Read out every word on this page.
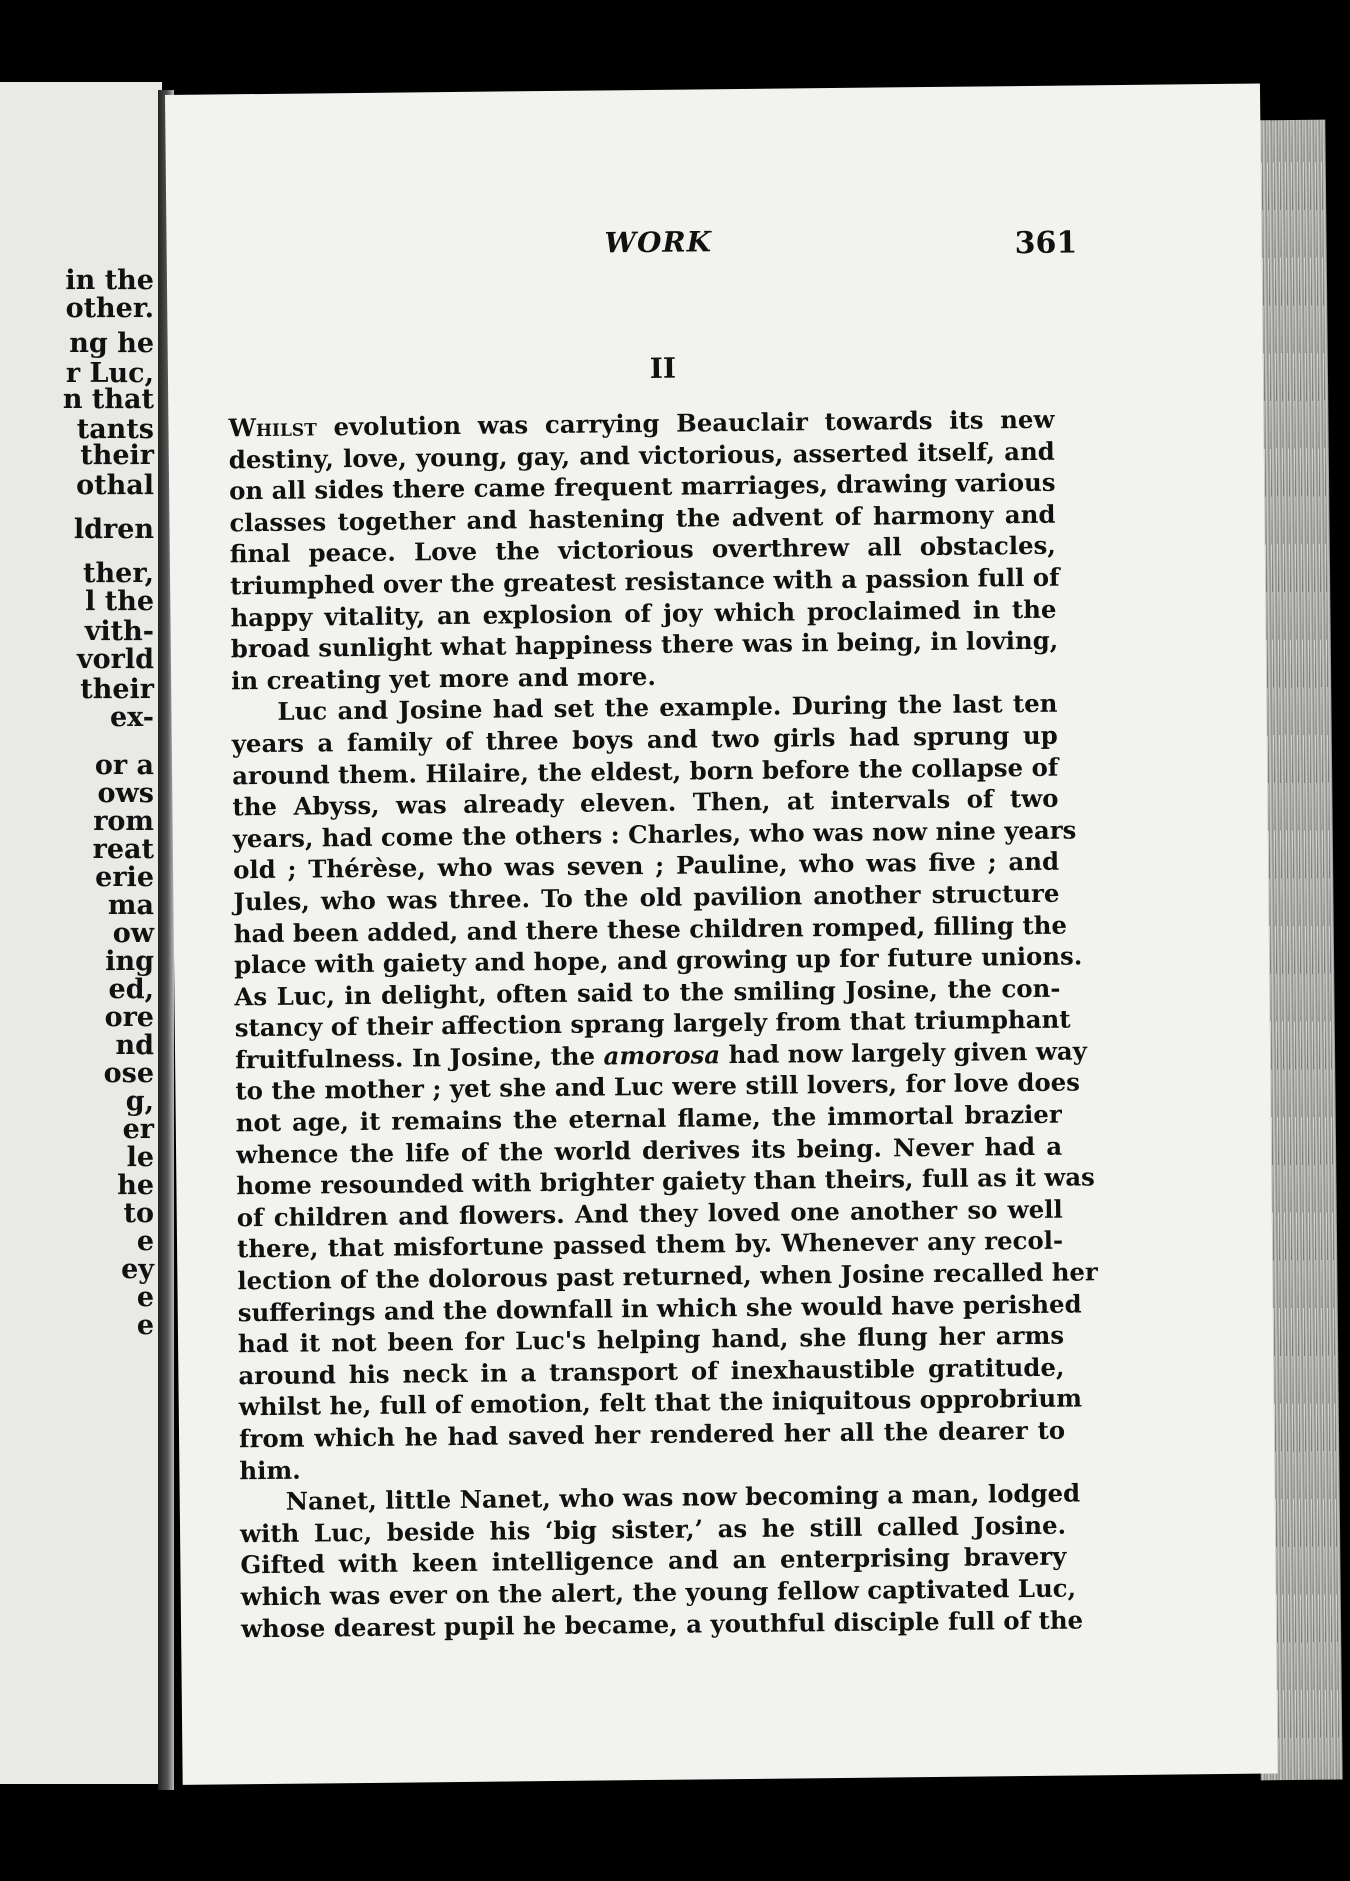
in the
other.
ng he
r Luc,
n that
tants
their
othal
ldren
ther,
l the
vith-
vorld
their
ex-
or a
ows
rom
reat
erie
ma
ow
ing
ed,
ore
nd
ose
g,
er
le
he
to
e
ey
e
e
WORK	361
II
Whilst evolution was carrying Beauclair towards its new
destiny, love, young, gay, and victorious, asserted itself, and
on all sides there came frequent marriages, drawing various
classes together and hastening the advent of harmony and
final peace. Love the victorious overthrew all obstacles,
triumphed over the greatest resistance with a passion full of
happy vitality, an explosion of joy which proclaimed in the
broad sunlight what happiness there was in being, in loving,
in creating yet more and more.
Luc and Josine had set the example. During the last ten
years a family of three boys and two girls had sprung up
around them. Hilaire, the eldest, born before the collapse of
the Abyss, was already eleven. Then, at intervals of two
years, had come the others : Charles, who was now nine years
old ; Thérèse, who was seven ; Pauline, who was five ; and
Jules, who was three. To the old pavilion another structure
had been added, and there these children romped, filling the
place with gaiety and hope, and growing up for future unions.
As Luc, in delight, often said to the smiling Josine, the con-
stancy of their affection sprang largely from that triumphant
fruitfulness. In Josine, the amorosa had now largely given way
to the mother ; yet she and Luc were still lovers, for love does
not age, it remains the eternal flame, the immortal brazier
whence the life of the world derives its being. Never had a
home resounded with brighter gaiety than theirs, full as it was
of children and flowers. And they loved one another so well
there, that misfortune passed them by. Whenever any recol-
lection of the dolorous past returned, when Josine recalled her
sufferings and the downfall in which she would have perished
had it not been for Luc's helping hand, she flung her arms
around his neck in a transport of inexhaustible gratitude,
whilst he, full of emotion, felt that the iniquitous opprobrium
from which he had saved her rendered her all the dearer to
him.
Nanet, little Nanet, who was now becoming a man, lodged
with Luc, beside his ‘big sister,’ as he still called Josine.
Gifted with keen intelligence and an enterprising bravery
which was ever on the alert, the young fellow captivated Luc,
whose dearest pupil he became, a youthful disciple full of the
